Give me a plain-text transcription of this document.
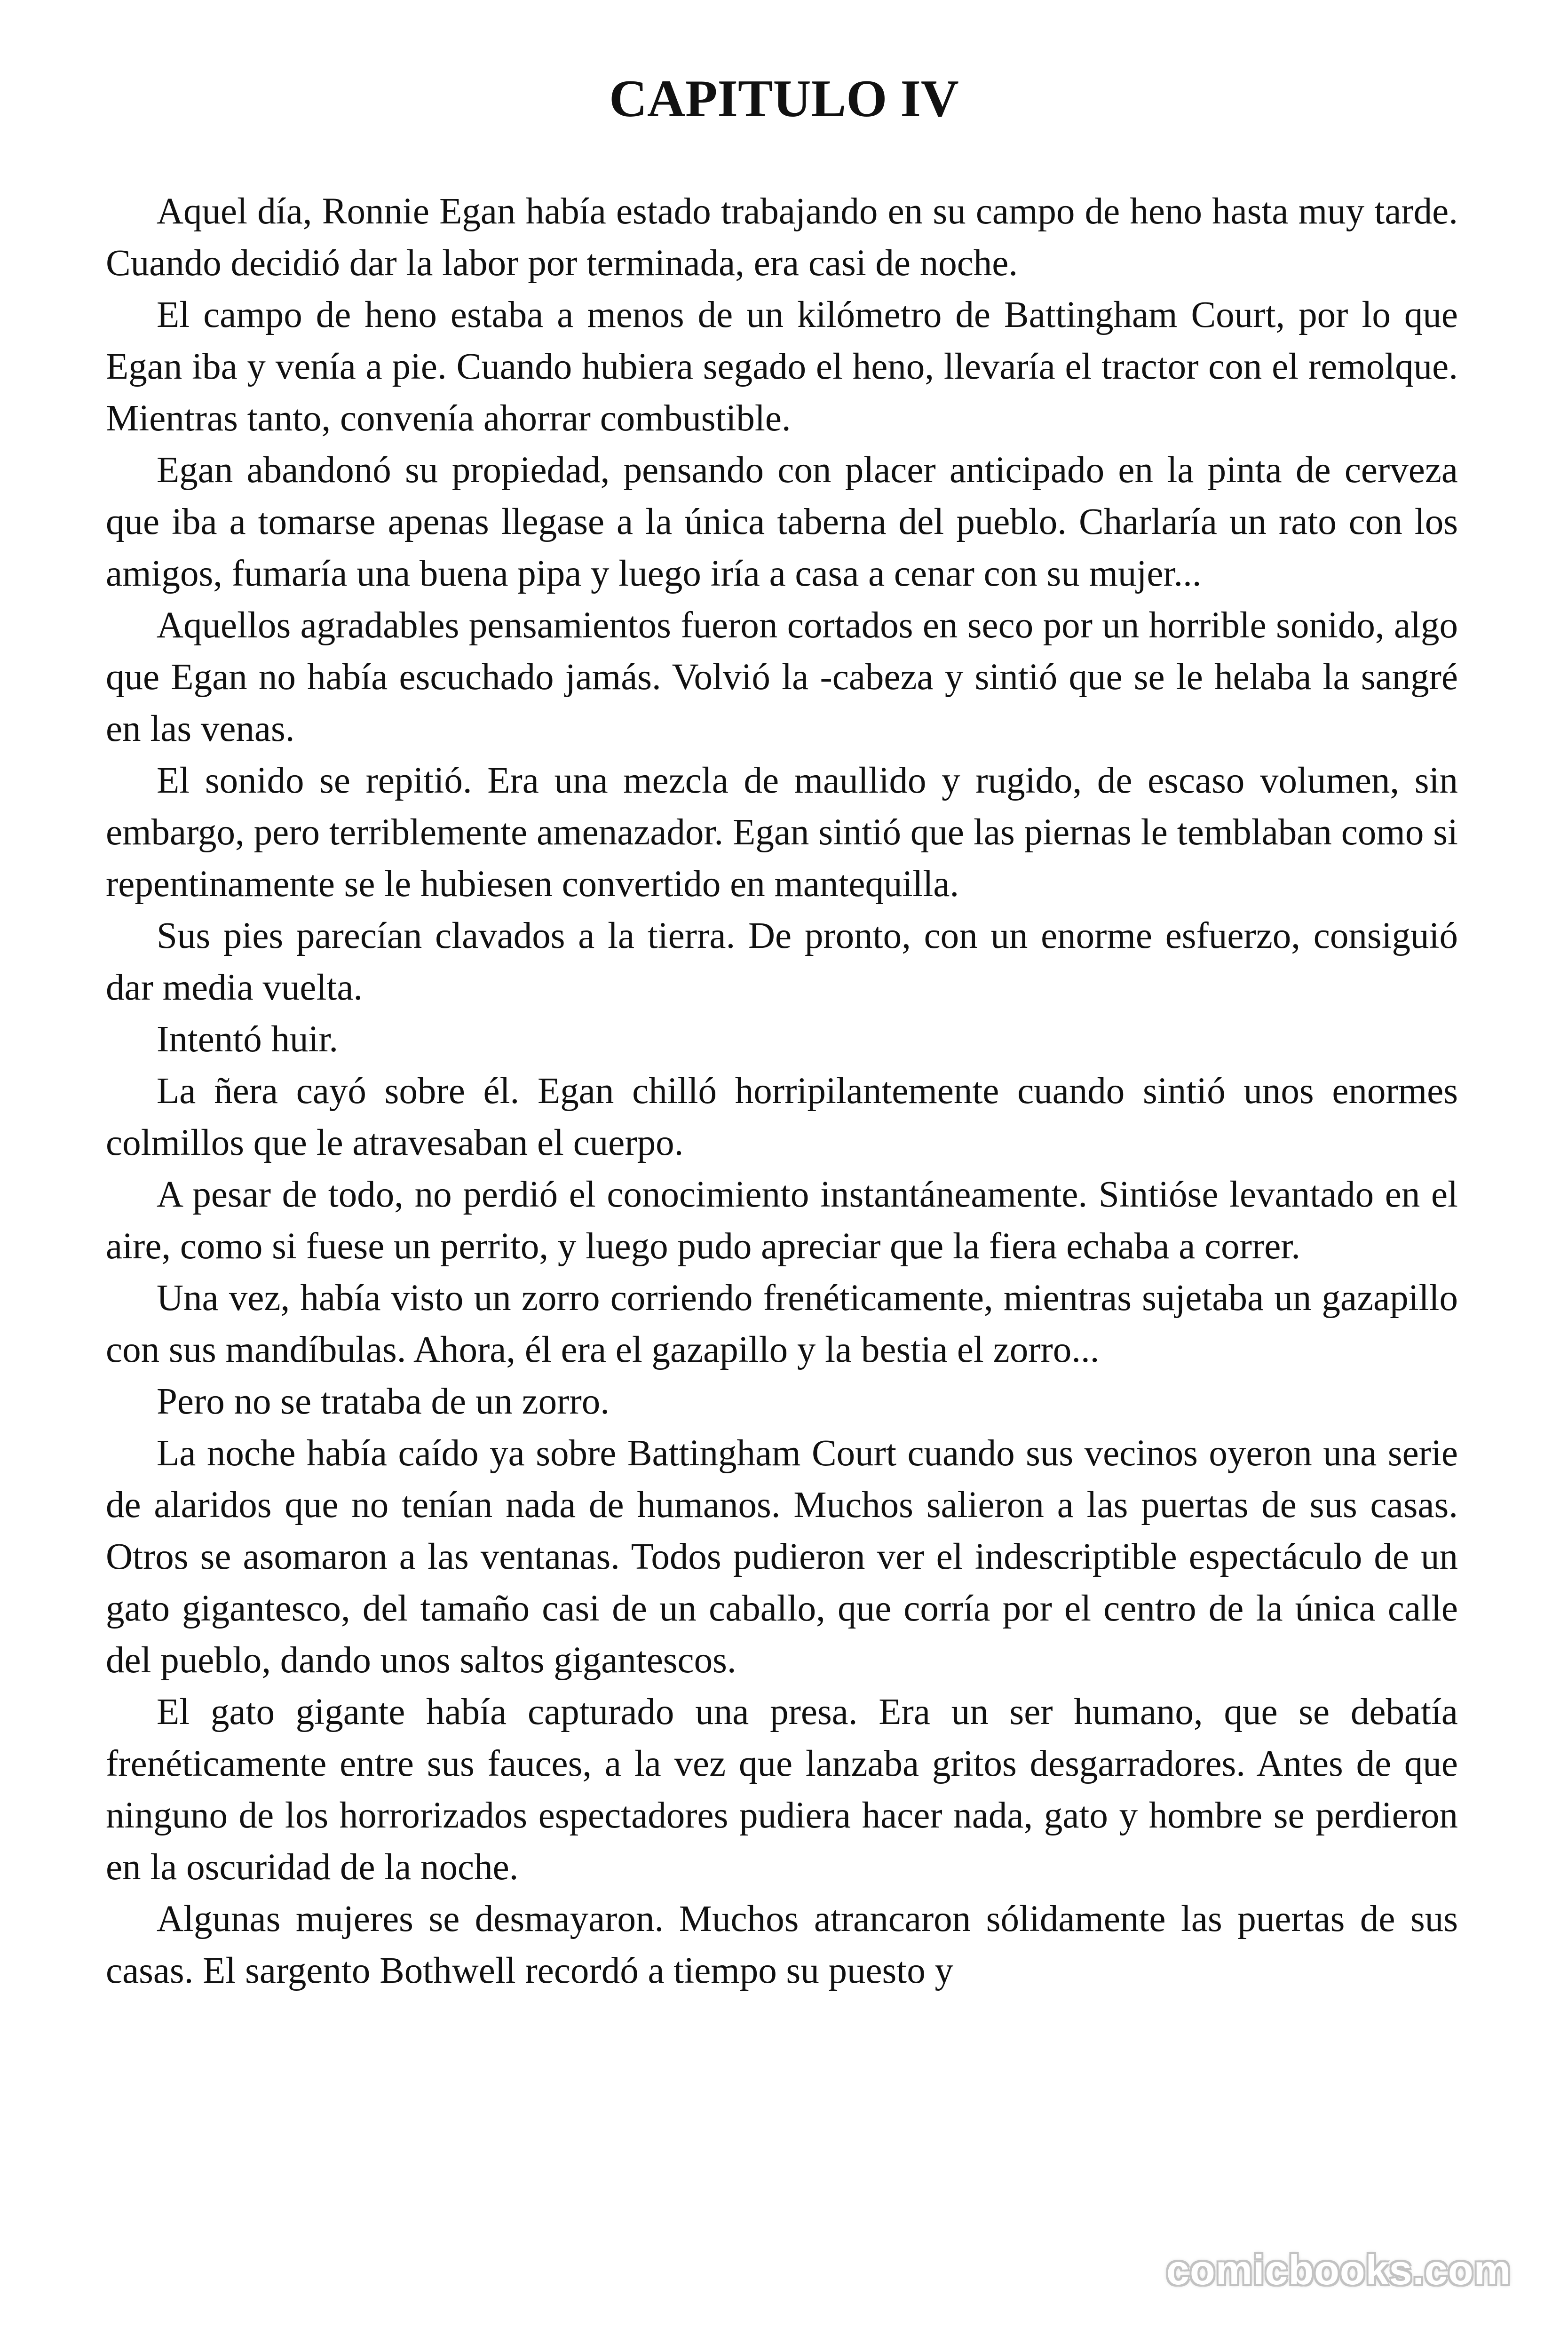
CAPITULO IV

Aquel día, Ronnie Egan había estado trabajando en su campo de heno hasta muy tarde. Cuando decidió dar la labor por terminada, era casi de noche.

El campo de heno estaba a menos de un kilómetro de Battingham Court, por lo que Egan iba y venía a pie. Cuando hubiera segado el heno, llevaría el tractor con el remolque. Mientras tanto, convenía ahorrar combustible.

Egan abandonó su propiedad, pensando con placer anticipado en la pinta de cerveza que iba a tomarse apenas llegase a la única taberna del pueblo. Charlaría un rato con los amigos, fumaría una buena pipa y luego iría a casa a cenar con su mujer...

Aquellos agradables pensamientos fueron cortados en seco por un horrible sonido, algo que Egan no había escuchado jamás. Volvió la -cabeza y sintió que se le helaba la sangré en las venas.

El sonido se repitió. Era una mezcla de maullido y rugido, de escaso volumen, sin embargo, pero terriblemente amenazador. Egan sintió que las piernas le temblaban como si repentinamente se le hubiesen convertido en mantequilla.

Sus pies parecían clavados a la tierra. De pronto, con un enorme esfuerzo, consiguió dar media vuelta.

Intentó huir.

La ñera cayó sobre él. Egan chilló horripilantemente cuando sintió unos enormes colmillos que le atravesaban el cuerpo.

A pesar de todo, no perdió el conocimiento instantáneamente. Sintióse levantado en el aire, como si fuese un perrito, y luego pudo apreciar que la fiera echaba a correr.

Una vez, había visto un zorro corriendo frenéticamente, mientras sujetaba un gazapillo con sus mandíbulas. Ahora, él era el gazapillo y la bestia el zorro...

Pero no se trataba de un zorro.

La noche había caído ya sobre Battingham Court cuando sus vecinos oyeron una serie de alaridos que no tenían nada de humanos. Muchos salieron a las puertas de sus casas. Otros se asomaron a las ventanas. Todos pudieron ver el indescriptible espectáculo de un gato gigantesco, del tamaño casi de un caballo, que corría por el centro de la única calle del pueblo, dando unos saltos gigantescos.

El gato gigante había capturado una presa. Era un ser humano, que se debatía frenéticamente entre sus fauces, a la vez que lanzaba gritos desgarradores. Antes de que ninguno de los horrorizados espectadores pudiera hacer nada, gato y hombre se perdieron en la oscuridad de la noche.

Algunas mujeres se desmayaron. Muchos atrancaron sólidamente las puertas de sus casas. El sargento Bothwell recordó a tiempo su puesto y

comicbooks.com
